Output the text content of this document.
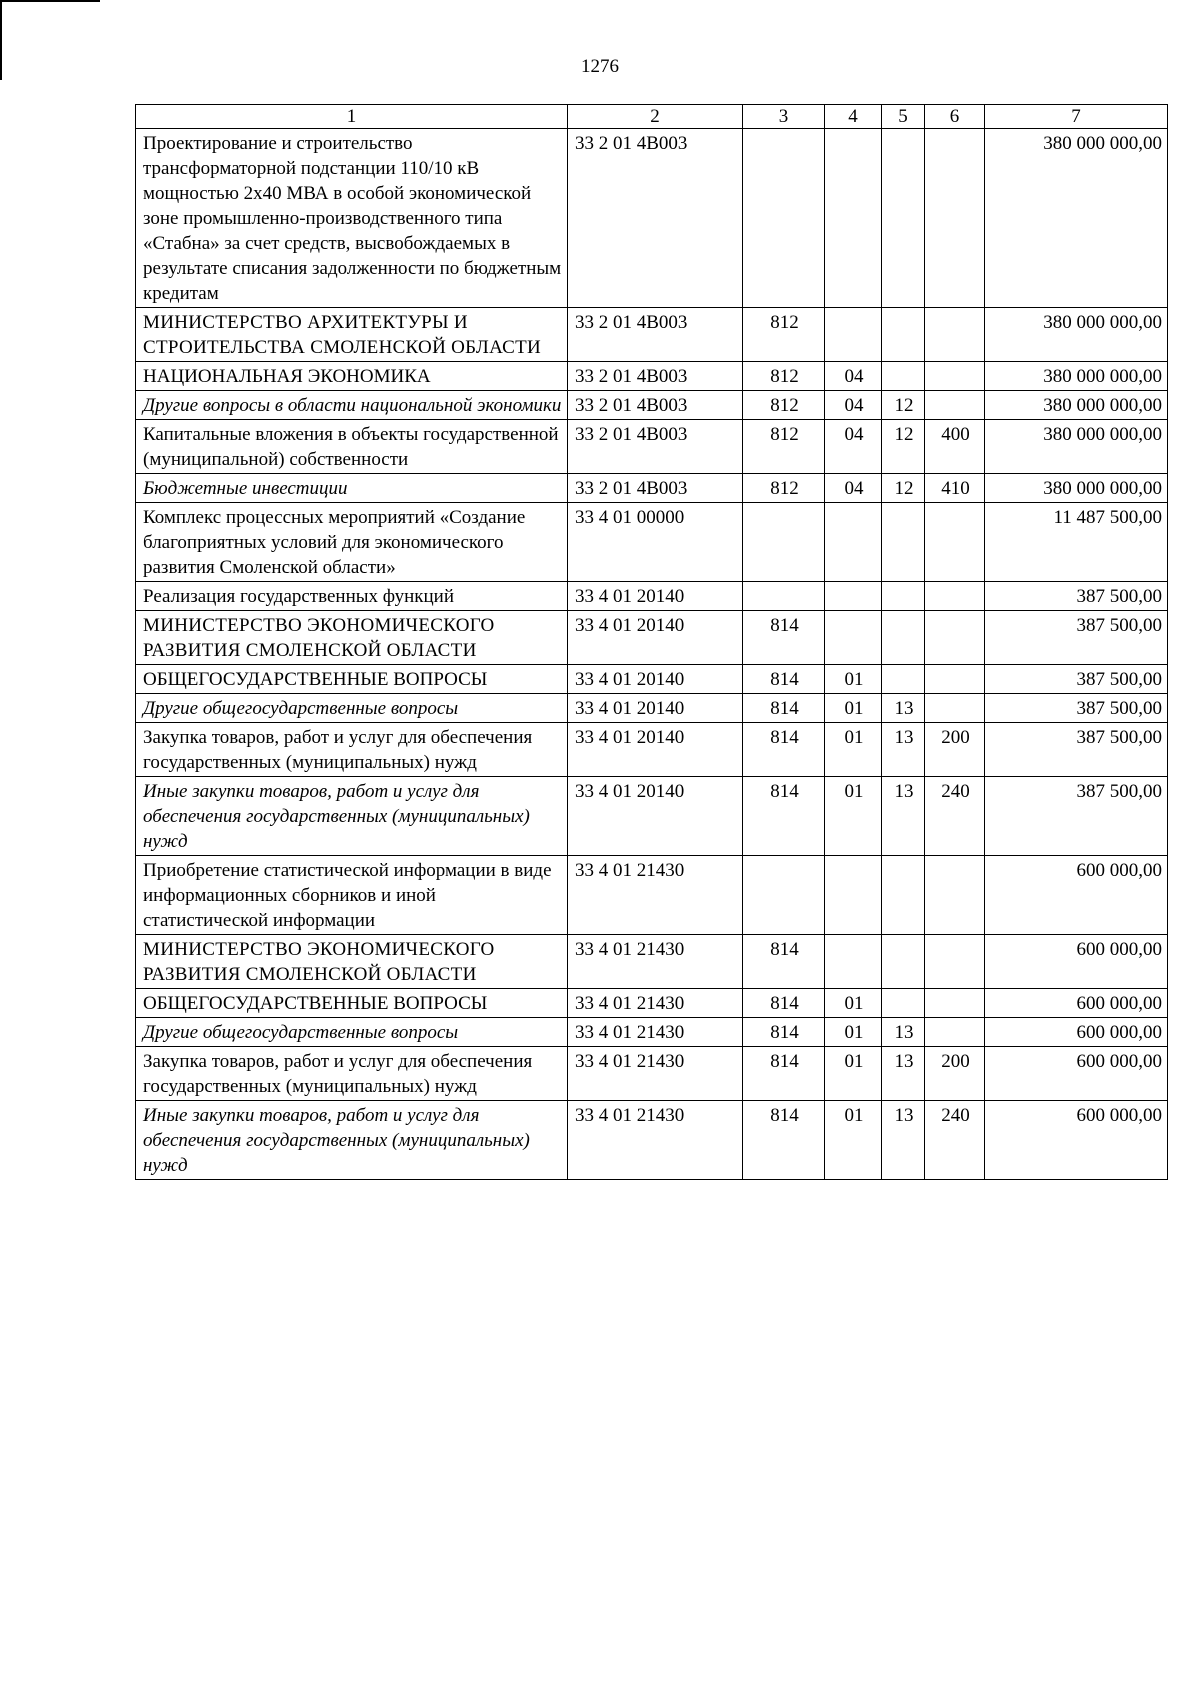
1276
1	2	3	4	5	6	7
Проектирование и строительство трансформаторной подстанции 110/10 кВ мощностью 2х40 МВА в особой экономической зоне промышленно-производственного типа «Стабна» за счет средств, высвобождаемых в результате списания задолженности по бюджетным кредитам	33 2 01 4В003					380 000 000,00
МИНИСТЕРСТВО АРХИТЕКТУРЫ И СТРОИТЕЛЬСТВА СМОЛЕНСКОЙ ОБЛАСТИ	33 2 01 4В003	812				380 000 000,00
НАЦИОНАЛЬНАЯ ЭКОНОМИКА	33 2 01 4В003	812	04			380 000 000,00
Другие вопросы в области национальной экономики	33 2 01 4В003	812	04	12		380 000 000,00
Капитальные вложения в объекты государственной (муниципальной) собственности	33 2 01 4В003	812	04	12	400	380 000 000,00
Бюджетные инвестиции	33 2 01 4В003	812	04	12	410	380 000 000,00
Комплекс процессных мероприятий «Создание благоприятных условий для экономического развития Смоленской области»	33 4 01 00000					11 487 500,00
Реализация государственных функций	33 4 01 20140					387 500,00
МИНИСТЕРСТВО ЭКОНОМИЧЕСКОГО РАЗВИТИЯ СМОЛЕНСКОЙ ОБЛАСТИ	33 4 01 20140	814				387 500,00
ОБЩЕГОСУДАРСТВЕННЫЕ ВОПРОСЫ	33 4 01 20140	814	01			387 500,00
Другие общегосударственные вопросы	33 4 01 20140	814	01	13		387 500,00
Закупка товаров, работ и услуг для обеспечения государственных (муниципальных) нужд	33 4 01 20140	814	01	13	200	387 500,00
Иные закупки товаров, работ и услуг для обеспечения государственных (муниципальных) нужд	33 4 01 20140	814	01	13	240	387 500,00
Приобретение статистической информации в виде информационных сборников и иной статистической информации	33 4 01 21430					600 000,00
МИНИСТЕРСТВО ЭКОНОМИЧЕСКОГО РАЗВИТИЯ СМОЛЕНСКОЙ ОБЛАСТИ	33 4 01 21430	814				600 000,00
ОБЩЕГОСУДАРСТВЕННЫЕ ВОПРОСЫ	33 4 01 21430	814	01			600 000,00
Другие общегосударственные вопросы	33 4 01 21430	814	01	13		600 000,00
Закупка товаров, работ и услуг для обеспечения государственных (муниципальных) нужд	33 4 01 21430	814	01	13	200	600 000,00
Иные закупки товаров, работ и услуг для обеспечения государственных (муниципальных) нужд	33 4 01 21430	814	01	13	240	600 000,00
